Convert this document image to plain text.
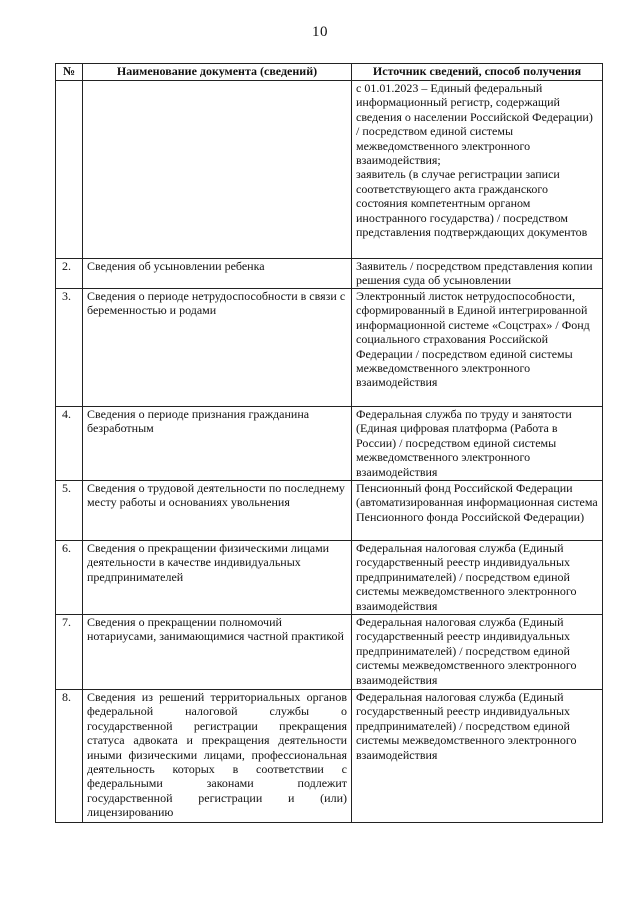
10
№	Наименование документа (сведений)	Источник сведений, способ получения

		с 01.01.2023 – Единый федеральный информационный регистр, содержащий сведения о населении Российской Федерации) / посредством единой системы межведомственного электронного взаимодействия;
заявитель (в случае регистрации записи соответствующего акта гражданского состояния компетентным органом иностранного государства) / посредством представления подтверждающих документов

2.	Сведения об усыновлении ребенка	Заявитель / посредством представления копии решения суда об усыновлении
3.	Сведения о периоде нетрудоспособности в связи с беременностью и родами	Электронный листок нетрудоспособности, сформированный в Единой интегрированной информационной системе «Соцстрах» / Фонд социального страхования Российской Федерации / посредством единой системы межведомственного электронного взаимодействия
4.	Сведения о периоде признания гражданина безработным	Федеральная служба по труду и занятости (Единая цифровая платформа (Работа в России) / посредством единой системы межведомственного электронного взаимодействия
5.	Сведения о трудовой деятельности по последнему месту работы и основаниях увольнения	Пенсионный фонд Российской Федерации (автоматизированная информационная система Пенсионного фонда Российской Федерации)
6.	Сведения о прекращении физическими лицами деятельности в качестве индивидуальных предпринимателей	Федеральная налоговая служба (Единый государственный реестр индивидуальных предпринимателей) / посредством единой системы межведомственного электронного взаимодействия
7.	Сведения о прекращении полномочий нотариусами, занимающимися частной практикой	Федеральная налоговая служба (Единый государственный реестр индивидуальных предпринимателей) / посредством единой системы межведомственного электронного взаимодействия
8.	Сведения из решений территориальных органов федеральной налоговой службы о государственной регистрации прекращения статуса адвоката и прекращения деятельности иными физическими лицами, профессиональная деятельность которых в соответствии с федеральными законами подлежит государственной регистрации и (или) лицензированию	Федеральная налоговая служба (Единый государственный реестр индивидуальных предпринимателей) / посредством единой системы межведомственного электронного взаимодействия
